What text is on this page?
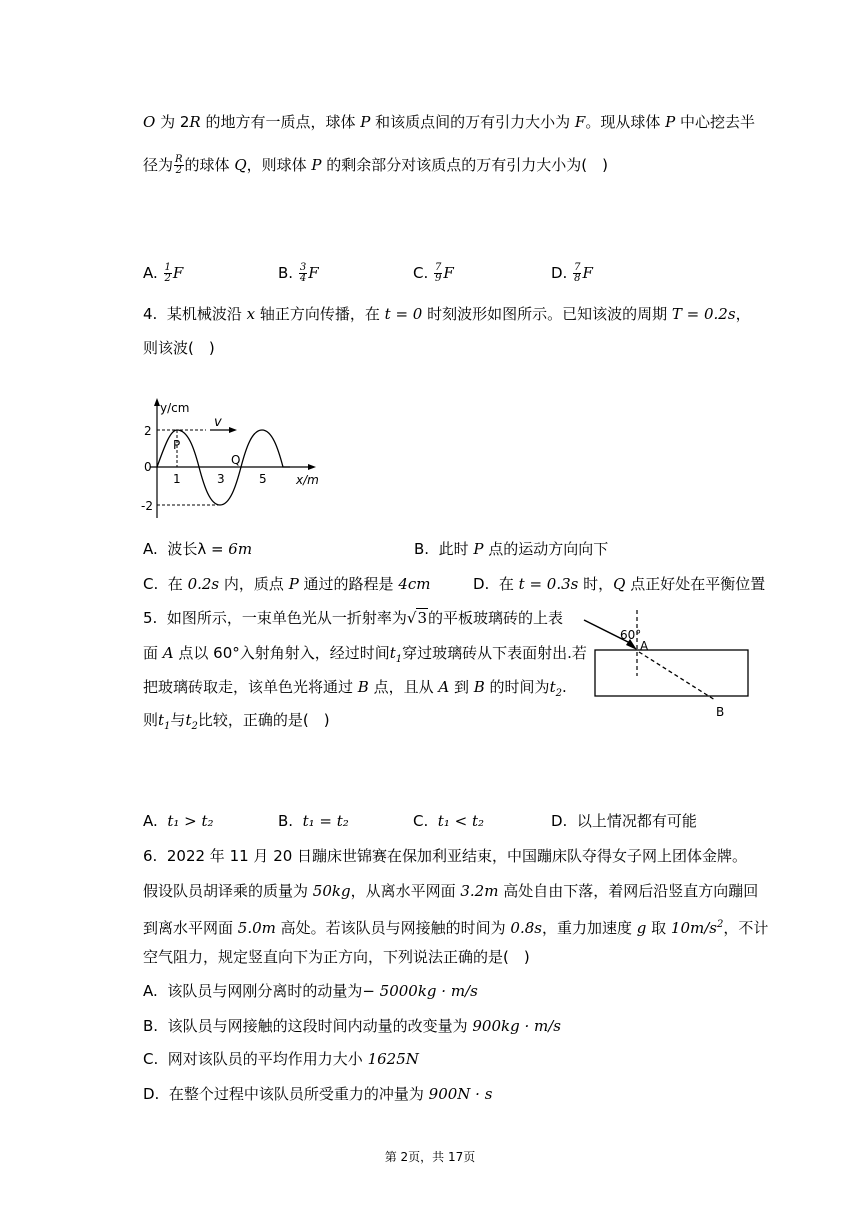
O 为 2R 的地方有一质点，球体 P 和该质点间的万有引力大小为 F。现从球体 P 中心挖去半
径为 $\frac{R}{2}$ 的球体 Q，则球体 P 的剩余部分对该质点的万有引力大小为(　)
A. $\frac{1}{2}$ F	B. $\frac{3}{4}$ F	C. $\frac{7}{9}$ F	D. $\frac{7}{8}$ F
4. 某机械波沿 x 轴正方向传播，在 t = 0 时刻波形如图所示。已知该波的周期 T = 0.2s，
则该波(　)
v
y/cm
2
0
-2
1	3	5 x/m
P
Q
A. 波长λ = 6m	B. 此时 P 点的运动方向向下
C. 在 0.2s 内，质点 P 通过的路程是 4cm	D. 在 t = 0.3s 时，Q 点正好处在平衡位置
5. 如图所示，一束单色光从一折射率为√3的平板玻璃砖的上表
面 A 点以 60°入射角射入，经过时间$t_1$穿过玻璃砖从下表面射出.若
把玻璃砖取走，该单色光将通过 B 点，且从 A 到 B 的时间为$t_2$.
则$t_1$与$t_2$比较，正确的是(　)
60°
A
B
A. t₁ > t₂	B. t₁ = t₂	C. t₁ < t₂	D. 以上情况都有可能
6. 2022 年 11 月 20 日蹦床世锦赛在保加利亚结束，中国蹦床队夺得女子网上团体金牌。
假设队员胡译乘的质量为 50kg，从离水平网面 3.2m 高处自由下落，着网后沿竖直方向蹦回
到离水平网面 5.0m 高处。若该队员与网接触的时间为 0.8s，重力加速度 g 取 $10m/s^2$，不计
空气阻力，规定竖直向下为正方向，下列说法正确的是(　)
A. 该队员与网刚分离时的动量为− 5000kg · m/s
B. 该队员与网接触的这段时间内动量的改变量为 900kg · m/s
C. 网对该队员的平均作用力大小 1625N
D. 在整个过程中该队员所受重力的冲量为 900N · s
第 2页，共 17页
